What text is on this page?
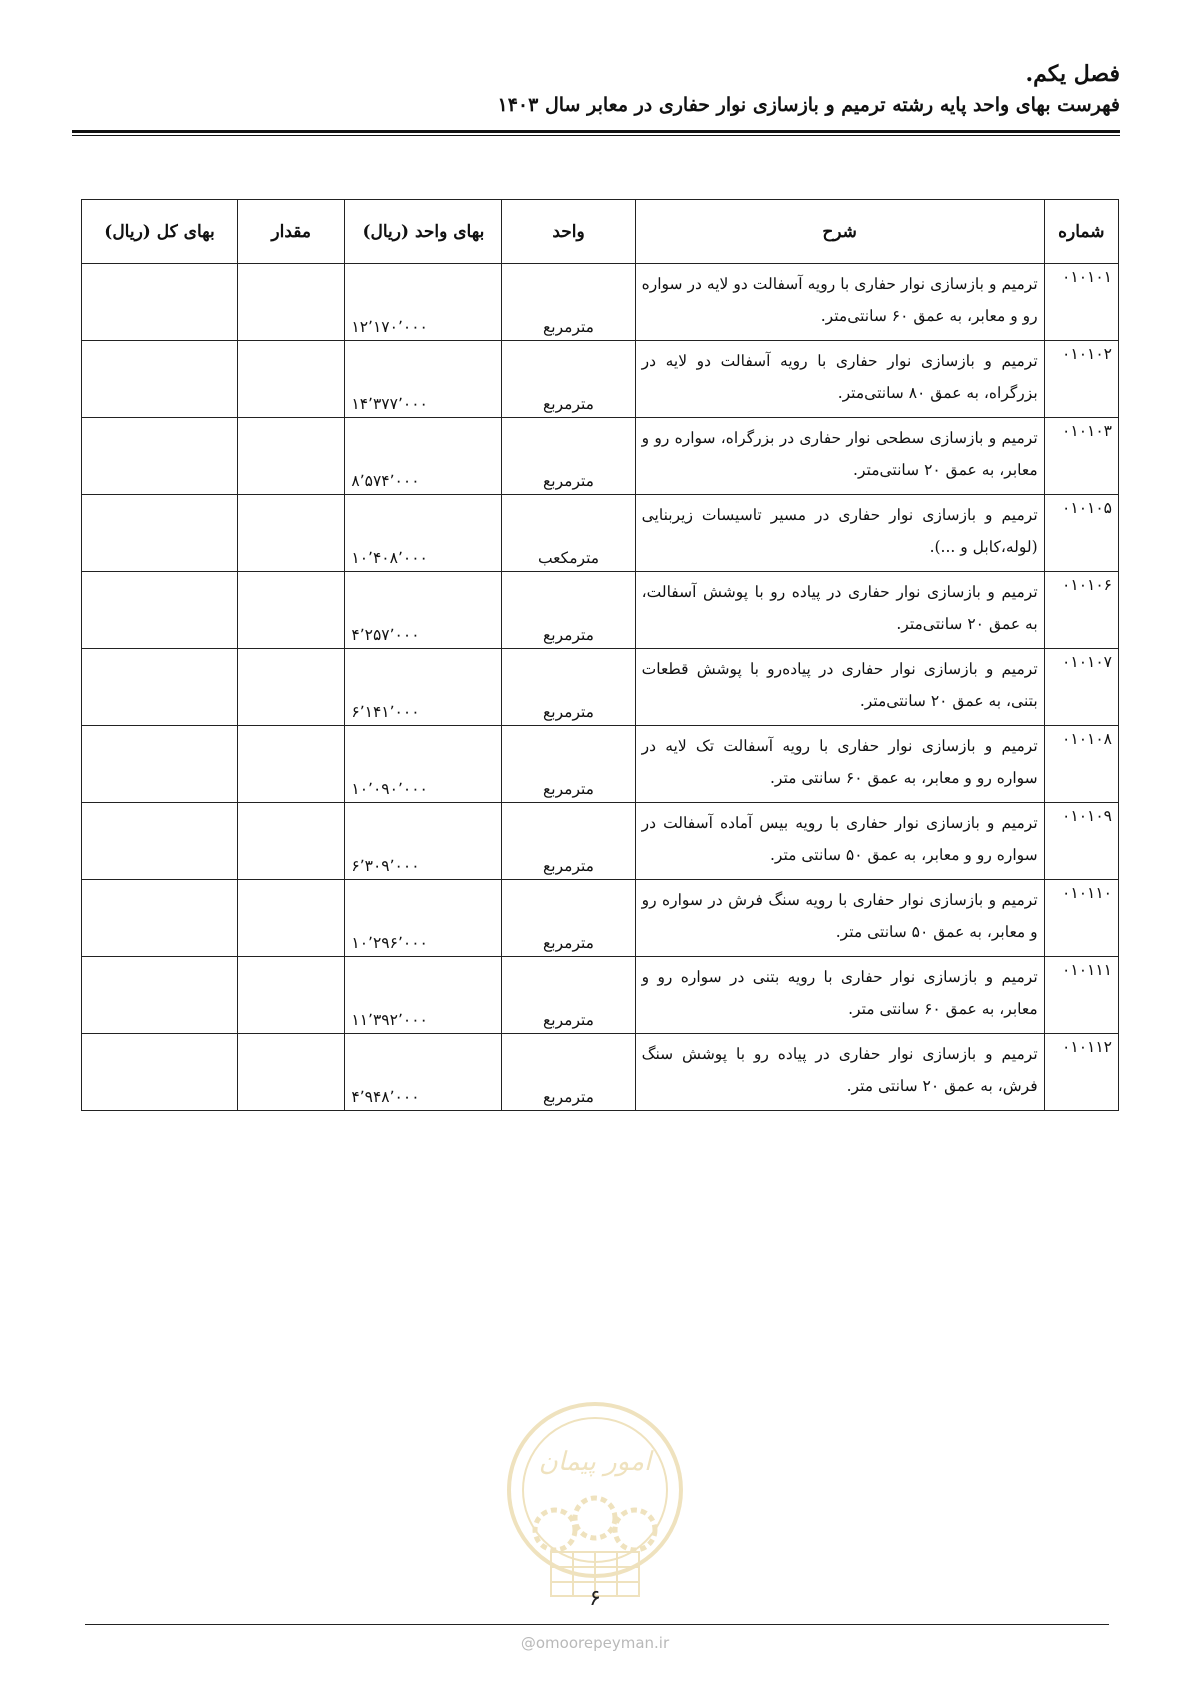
فصل یکم.
فهرست بهای واحد پایه رشته ترمیم و بازسازی نوار حفاری در معابر سال ۱۴۰۳
شماره	شرح	واحد	بهای واحد (ریال)	مقدار	بهای کل (ریال)
۰۱۰۱۰۱	ترمیم و بازسازی نوار حفاری با رویه آسفالت دو لایه در سواره رو و معابر، به عمق ۶۰ سانتی‌متر.	مترمربع	۱۲٬۱۷۰٬۰۰۰		
۰۱۰۱۰۲	ترمیم و بازسازی نوار حفاری با رویه آسفالت دو لایه در بزرگراه، به عمق ۸۰ سانتی‌متر.	مترمربع	۱۴٬۳۷۷٬۰۰۰		
۰۱۰۱۰۳	ترمیم و بازسازی سطحی نوار حفاری در بزرگراه، سواره رو و معابر، به عمق ۲۰ سانتی‌متر.	مترمربع	۸٬۵۷۴٬۰۰۰		
۰۱۰۱۰۵	ترمیم و بازسازی نوار حفاری در مسیر تاسیسات زیربنایی (لوله،کابل و ...).	مترمکعب	۱۰٬۴۰۸٬۰۰۰		
۰۱۰۱۰۶	ترمیم و بازسازی نوار حفاری در پیاده رو با پوشش آسفالت، به عمق ۲۰ سانتی‌متر.	مترمربع	۴٬۲۵۷٬۰۰۰		
۰۱۰۱۰۷	ترمیم و بازسازی نوار حفاری در پیاده‌رو با پوشش قطعات بتنی، به عمق ۲۰ سانتی‌متر.	مترمربع	۶٬۱۴۱٬۰۰۰		
۰۱۰۱۰۸	ترمیم و بازسازی نوار حفاری با رویه آسفالت تک لایه در سواره رو و معابر، به عمق ۶۰ سانتی متر.	مترمربع	۱۰٬۰۹۰٬۰۰۰		
۰۱۰۱۰۹	ترمیم و بازسازی نوار حفاری با رویه بیس آماده آسفالت در سواره رو و معابر، به عمق ۵۰ سانتی متر.	مترمربع	۶٬۳۰۹٬۰۰۰		
۰۱۰۱۱۰	ترمیم و بازسازی نوار حفاری با رویه سنگ فرش در سواره رو و معابر، به عمق ۵۰ سانتی متر.	مترمربع	۱۰٬۲۹۶٬۰۰۰		
۰۱۰۱۱۱	ترمیم و بازسازی نوار حفاری با رویه بتنی در سواره رو و معابر، به عمق ۶۰ سانتی متر.	مترمربع	۱۱٬۳۹۲٬۰۰۰		
۰۱۰۱۱۲	ترمیم و بازسازی نوار حفاری در پیاده رو با پوشش سنگ فرش، به عمق ۲۰ سانتی متر.	مترمربع	۴٬۹۴۸٬۰۰۰		
امور پیمان
۶
@omoorepeyman.ir
